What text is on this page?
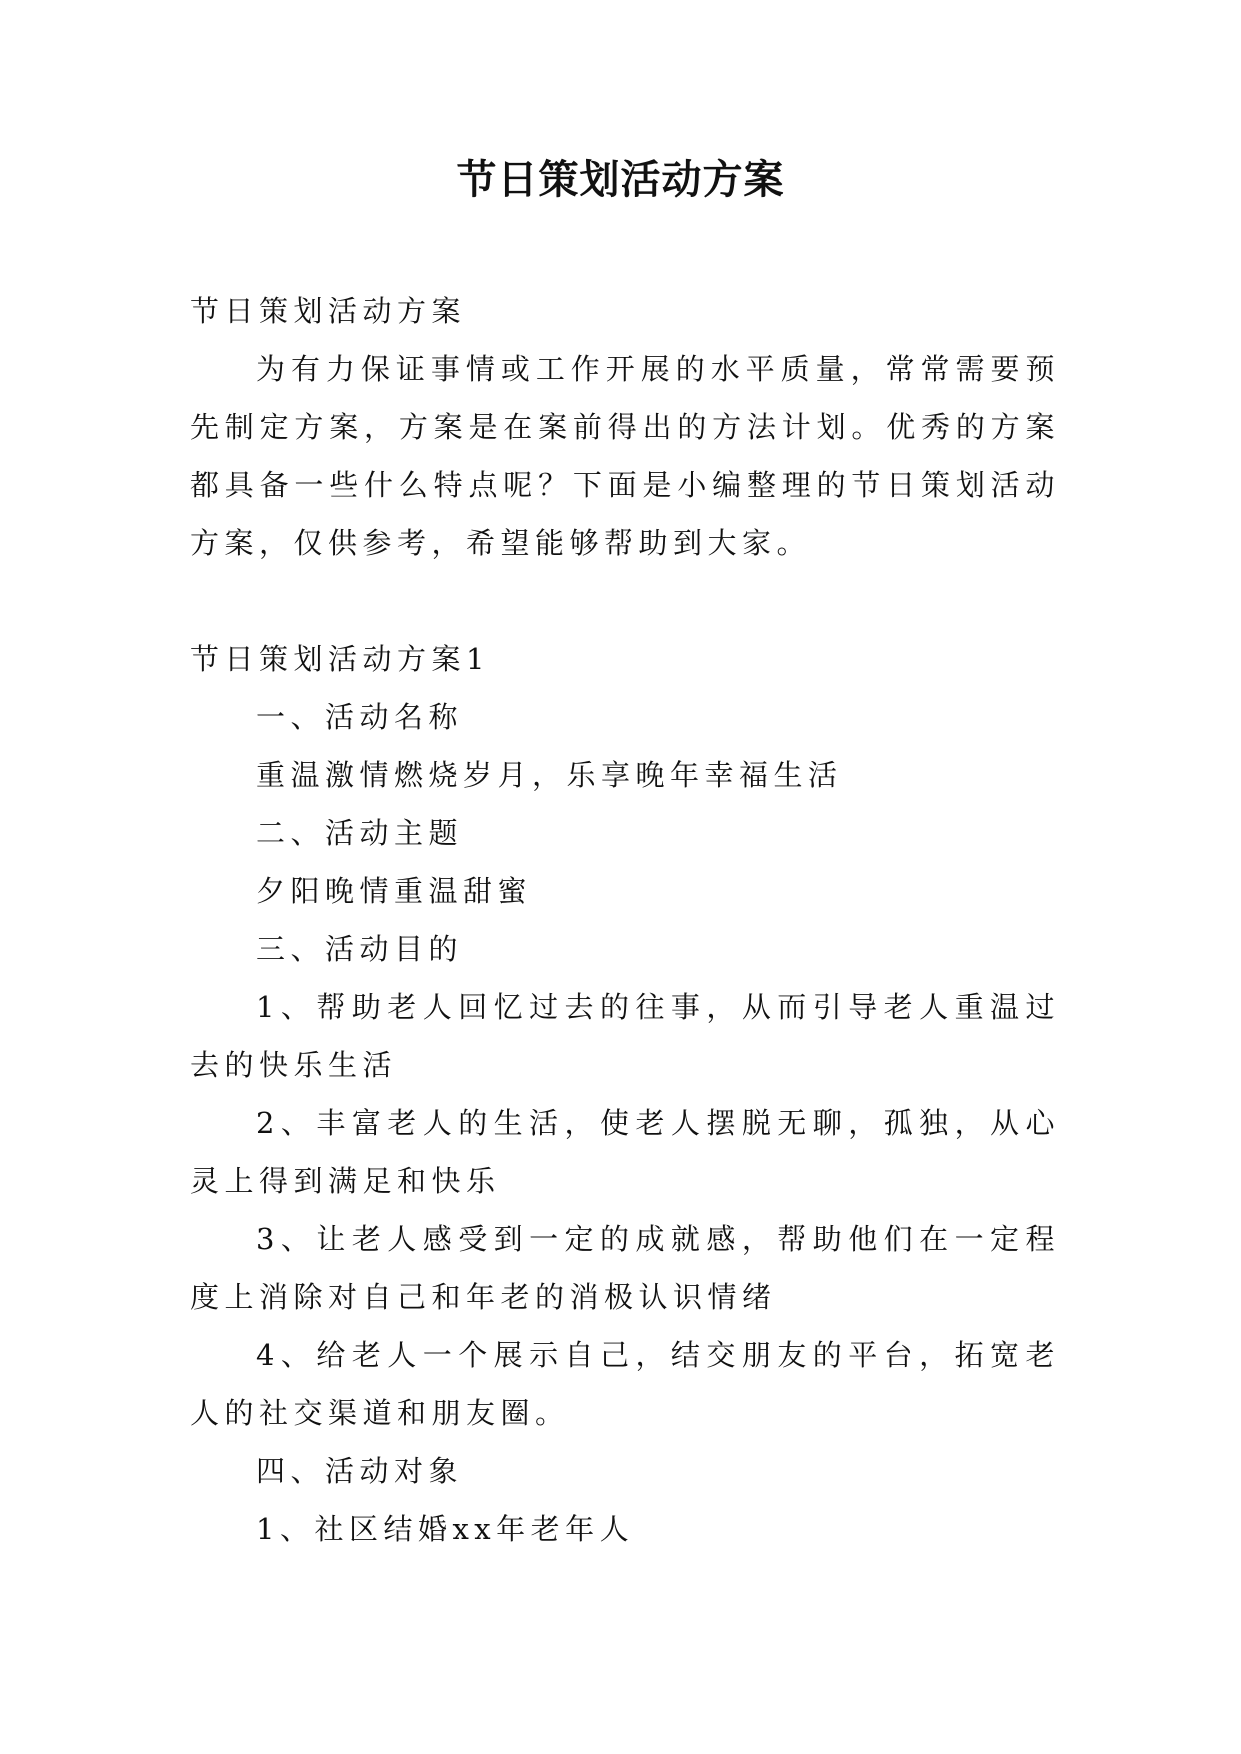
节日策划活动方案
节日策划活动方案
为有力保证事情或工作开展的水平质量，常常需要预先制定方案，方案是在案前得出的方法计划。优秀的方案都具备一些什么特点呢？下面是小编整理的节日策划活动方案，仅供参考，希望能够帮助到大家。
节日策划活动方案1
一、活动名称
重温激情燃烧岁月，乐享晚年幸福生活
二、活动主题
夕阳晚情重温甜蜜
三、活动目的
1、帮助老人回忆过去的往事，从而引导老人重温过去的快乐生活
2、丰富老人的生活，使老人摆脱无聊，孤独，从心灵上得到满足和快乐
3、让老人感受到一定的成就感，帮助他们在一定程度上消除对自己和年老的消极认识情绪
4、给老人一个展示自己，结交朋友的平台，拓宽老人的社交渠道和朋友圈。
四、活动对象
1、社区结婚xx年老年人
